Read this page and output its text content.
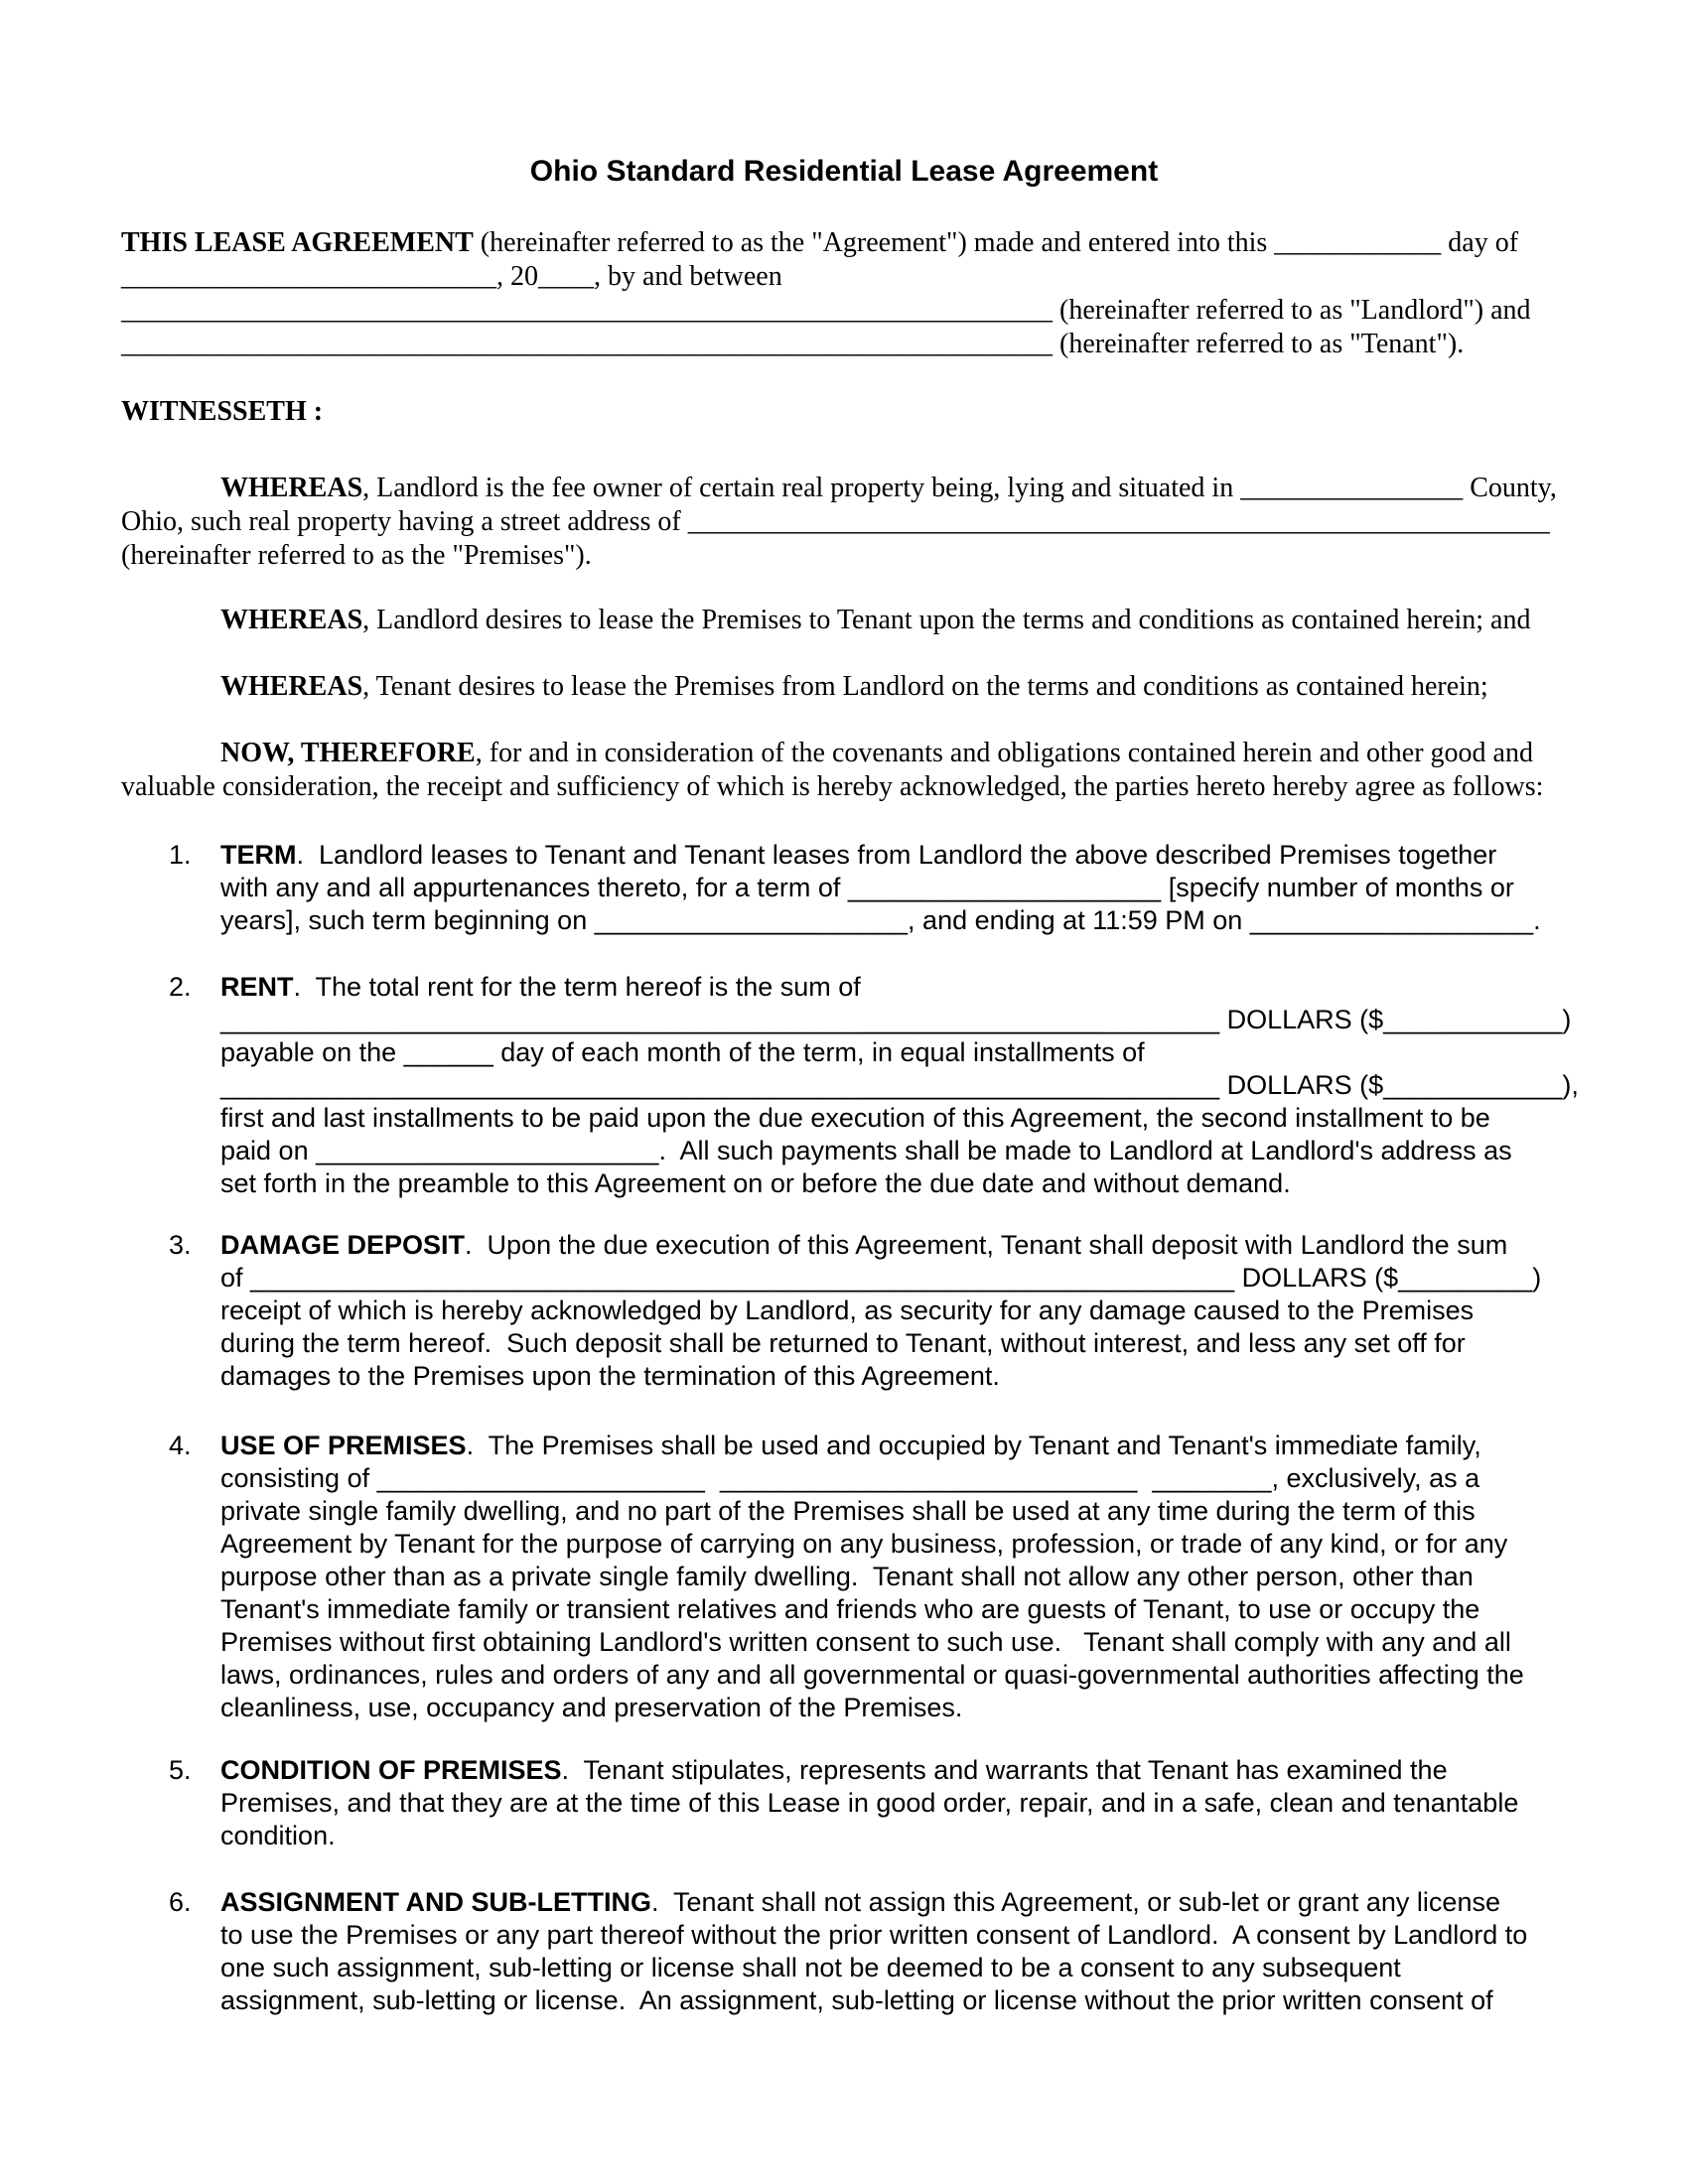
Ohio Standard Residential Lease Agreement
THIS LEASE AGREEMENT (hereinafter referred to as the "Agreement") made and entered into this ____________ day of
___________________________, 20____, by and between
___________________________________________________________________ (hereinafter referred to as "Landlord") and
___________________________________________________________________ (hereinafter referred to as "Tenant").
WITNESSETH :
WHEREAS, Landlord is the fee owner of certain real property being, lying and situated in ________________ County,
Ohio, such real property having a street address of ______________________________________________________________
(hereinafter referred to as the "Premises").
WHEREAS, Landlord desires to lease the Premises to Tenant upon the terms and conditions as contained herein; and
WHEREAS, Tenant desires to lease the Premises from Landlord on the terms and conditions as contained herein;
NOW, THEREFORE, for and in consideration of the covenants and obligations contained herein and other good and
valuable consideration, the receipt and sufficiency of which is hereby acknowledged, the parties hereto hereby agree as follows:
1. TERM.  Landlord leases to Tenant and Tenant leases from Landlord the above described Premises together
with any and all appurtenances thereto, for a term of _____________________ [specify number of months or
years], such term beginning on _____________________, and ending at 11:59 PM on ___________________.
2. RENT.  The total rent for the term hereof is the sum of
___________________________________________________________________ DOLLARS ($____________)
payable on the ______ day of each month of the term, in equal installments of
___________________________________________________________________ DOLLARS ($____________),
first and last installments to be paid upon the due execution of this Agreement, the second installment to be
paid on _______________________.  All such payments shall be made to Landlord at Landlord's address as
set forth in the preamble to this Agreement on or before the due date and without demand.
3. DAMAGE DEPOSIT.  Upon the due execution of this Agreement, Tenant shall deposit with Landlord the sum
of __________________________________________________________________ DOLLARS ($_________)
receipt of which is hereby acknowledged by Landlord, as security for any damage caused to the Premises
during the term hereof.  Such deposit shall be returned to Tenant, without interest, and less any set off for
damages to the Premises upon the termination of this Agreement.
4. USE OF PREMISES.  The Premises shall be used and occupied by Tenant and Tenant's immediate family,
consisting of ______________________  ____________________________  ________, exclusively, as a
private single family dwelling, and no part of the Premises shall be used at any time during the term of this
Agreement by Tenant for the purpose of carrying on any business, profession, or trade of any kind, or for any
purpose other than as a private single family dwelling.  Tenant shall not allow any other person, other than
Tenant's immediate family or transient relatives and friends who are guests of Tenant, to use or occupy the
Premises without first obtaining Landlord's written consent to such use.   Tenant shall comply with any and all
laws, ordinances, rules and orders of any and all governmental or quasi-governmental authorities affecting the
cleanliness, use, occupancy and preservation of the Premises.
5. CONDITION OF PREMISES.  Tenant stipulates, represents and warrants that Tenant has examined the
Premises, and that they are at the time of this Lease in good order, repair, and in a safe, clean and tenantable
condition.
6. ASSIGNMENT AND SUB-LETTING.  Tenant shall not assign this Agreement, or sub-let or grant any license
to use the Premises or any part thereof without the prior written consent of Landlord.  A consent by Landlord to
one such assignment, sub-letting or license shall not be deemed to be a consent to any subsequent
assignment, sub-letting or license.  An assignment, sub-letting or license without the prior written consent of
